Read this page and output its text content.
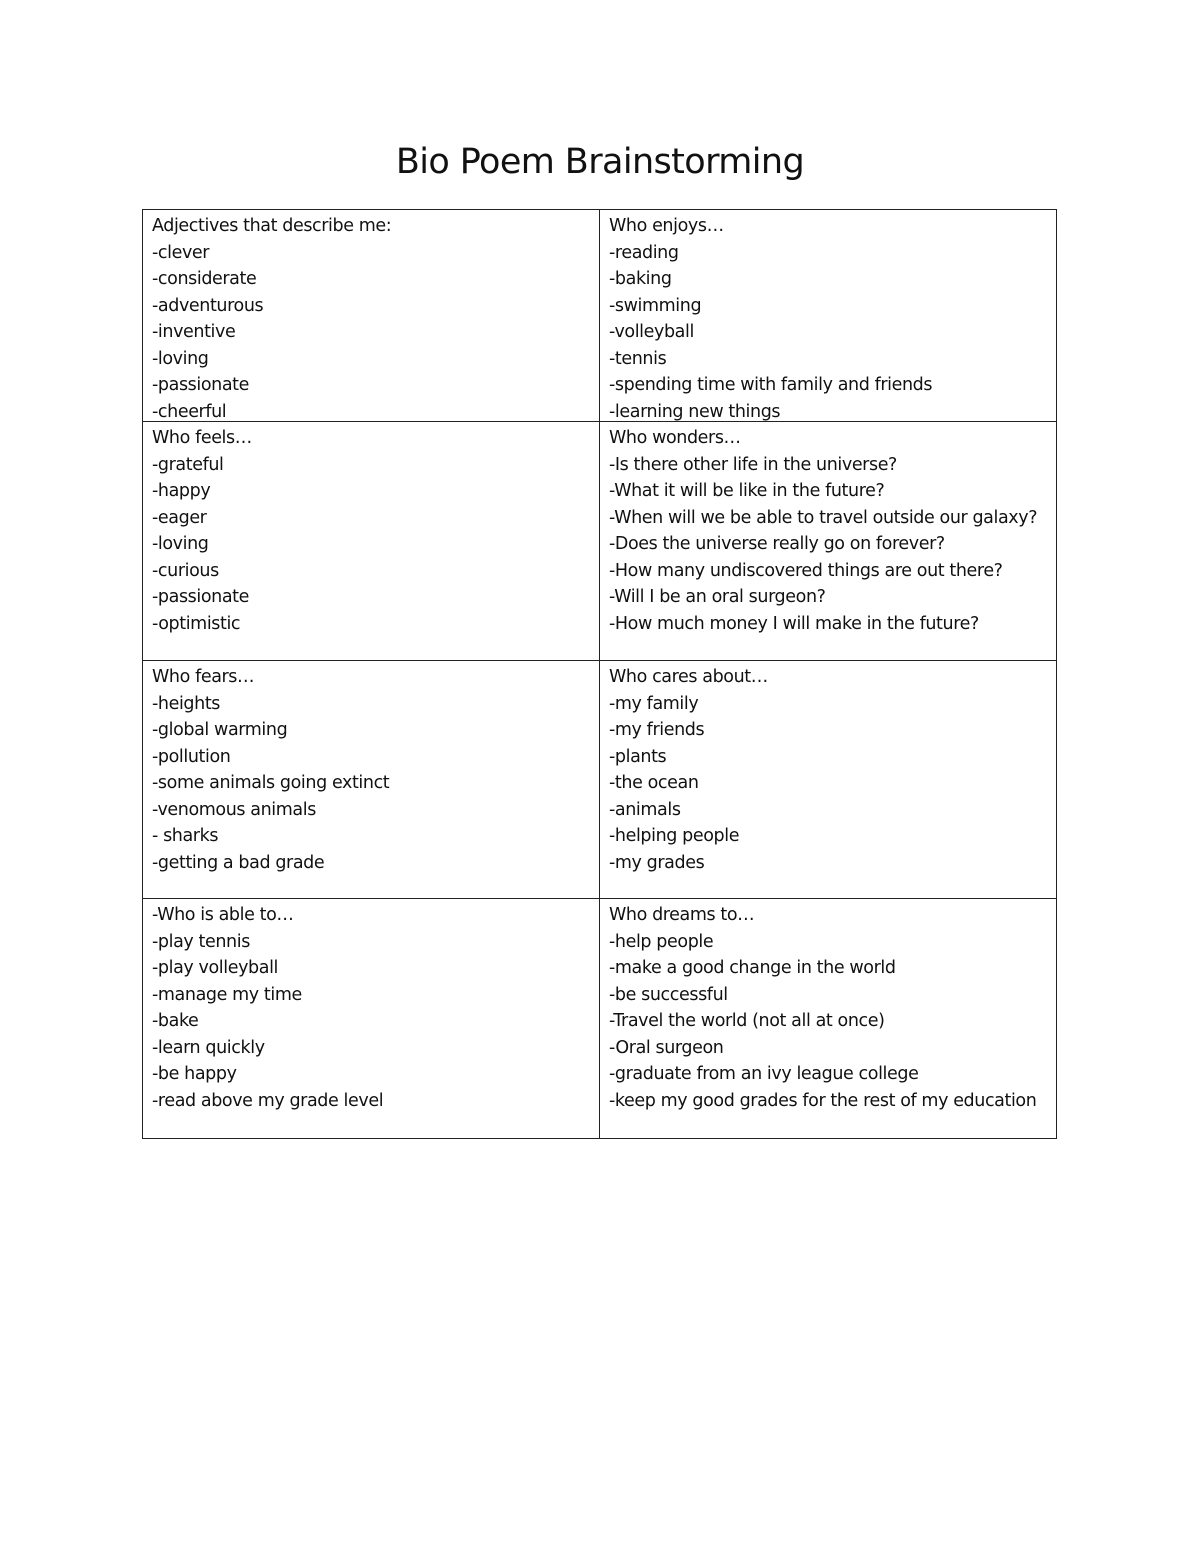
Bio Poem Brainstorming
Adjectives that describe me:
-clever
-considerate
-adventurous
-inventive
-loving
-passionate
-cheerful
Who enjoys…
-reading
-baking
-swimming
-volleyball
-tennis
-spending time with family and friends
-learning new things
Who feels…
-grateful
-happy
-eager
-loving
-curious
-passionate
-optimistic
Who wonders…
-Is there other life in the universe?
-What it will be like in the future?
-When will we be able to travel outside our galaxy?
-Does the universe really go on forever?
-How many undiscovered things are out there?
-Will I be an oral surgeon?
-How much money I will make in the future?
Who fears…
-heights
-global warming
-pollution
-some animals going extinct
-venomous animals
- sharks
-getting a bad grade
Who cares about…
-my family
-my friends
-plants
-the ocean
-animals
-helping people
-my grades
-Who is able to…
-play tennis
-play volleyball
-manage my time
-bake
-learn quickly
-be happy
-read above my grade level
Who dreams to…
-help people
-make a good change in the world
-be successful
-Travel the world (not all at once)
-Oral surgeon
-graduate from an ivy league college
-keep my good grades for the rest of my education
